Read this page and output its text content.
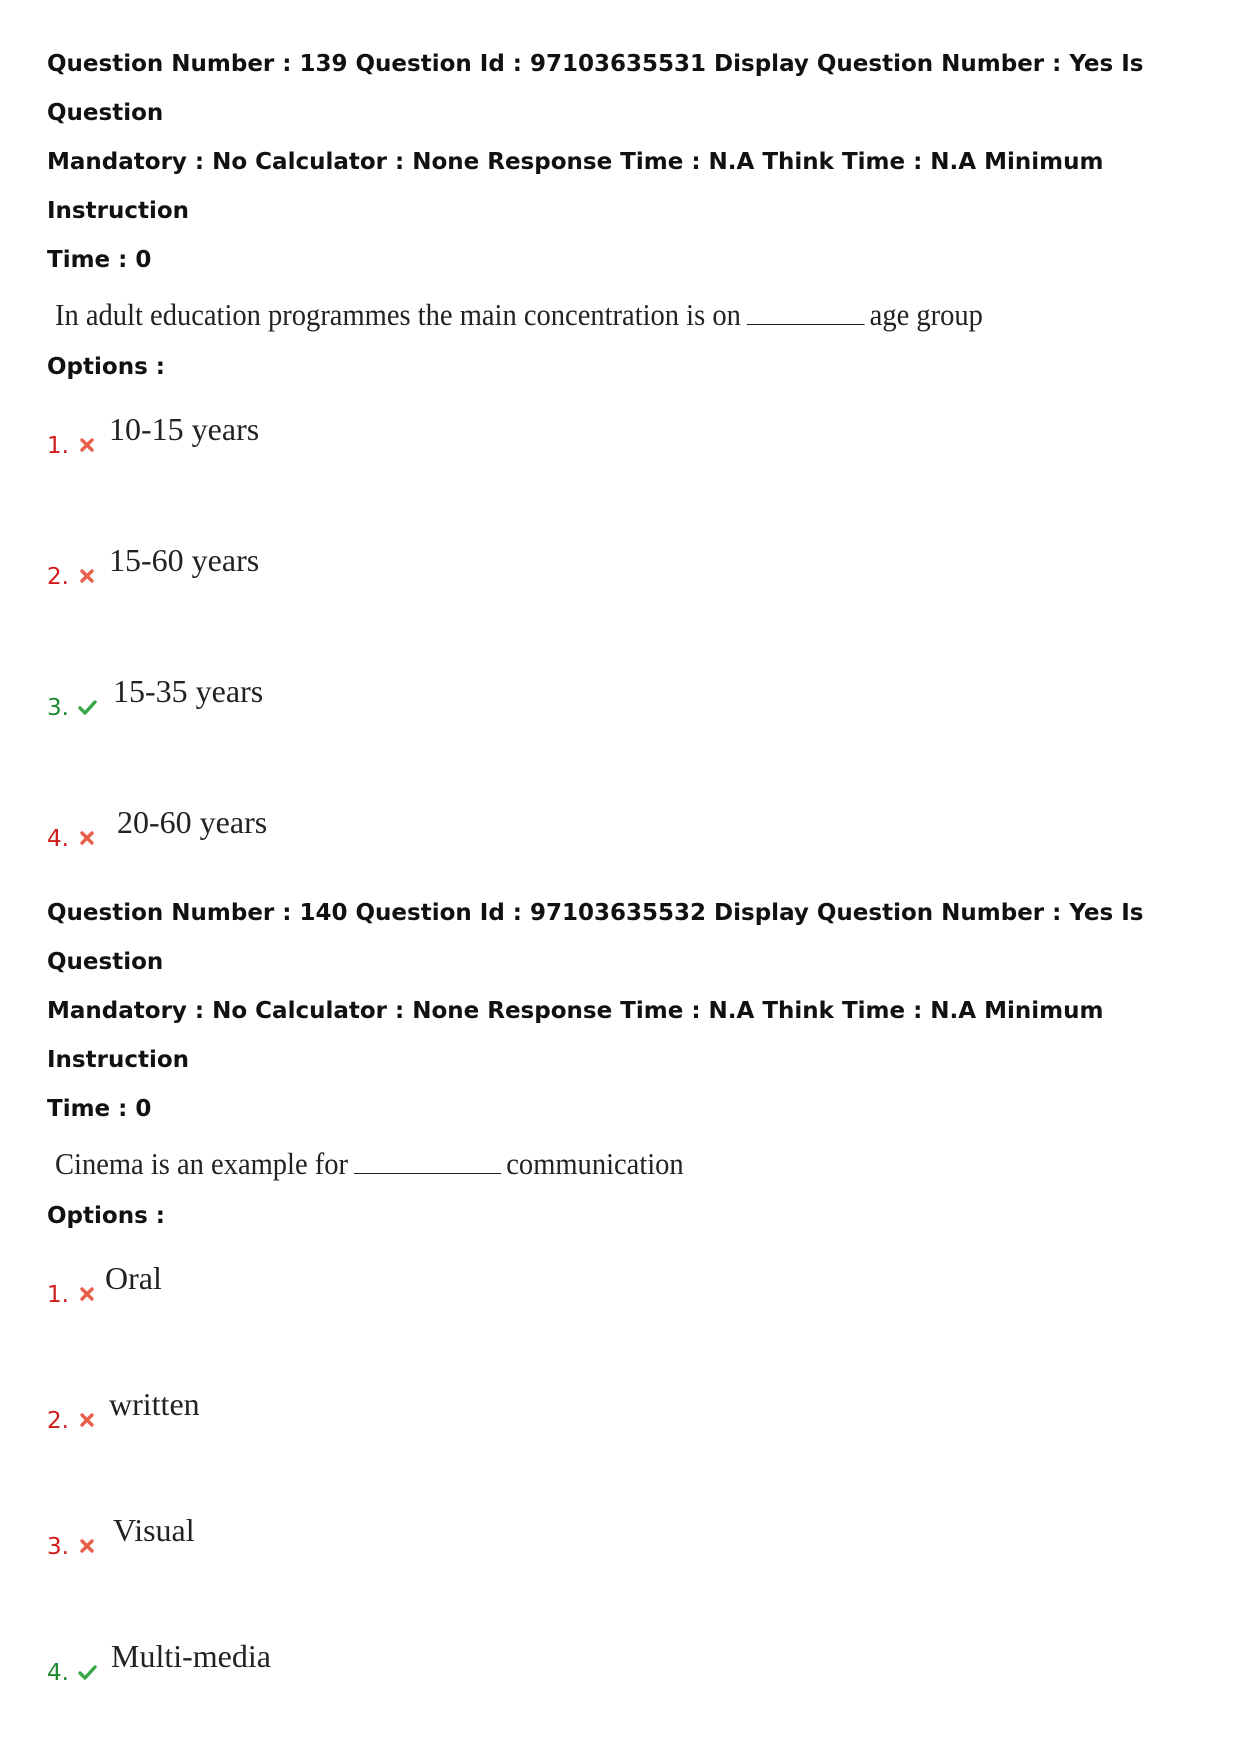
Question Number : 139 Question Id : 97103635531 Display Question Number : Yes Is Question

Mandatory : No Calculator : None Response Time : N.A Think Time : N.A Minimum Instruction

Time : 0

In adult education programmes the main concentration is on	age group

Options :

1. 10-15 years
2. 15-60 years
3. 15-35 years
4. 20-60 years

Question Number : 140 Question Id : 97103635532 Display Question Number : Yes Is Question

Mandatory : No Calculator : None Response Time : N.A Think Time : N.A Minimum Instruction

Time : 0

Cinema is an example for	communication

Options :

1. Oral
2. written
3. Visual
4. Multi-media
